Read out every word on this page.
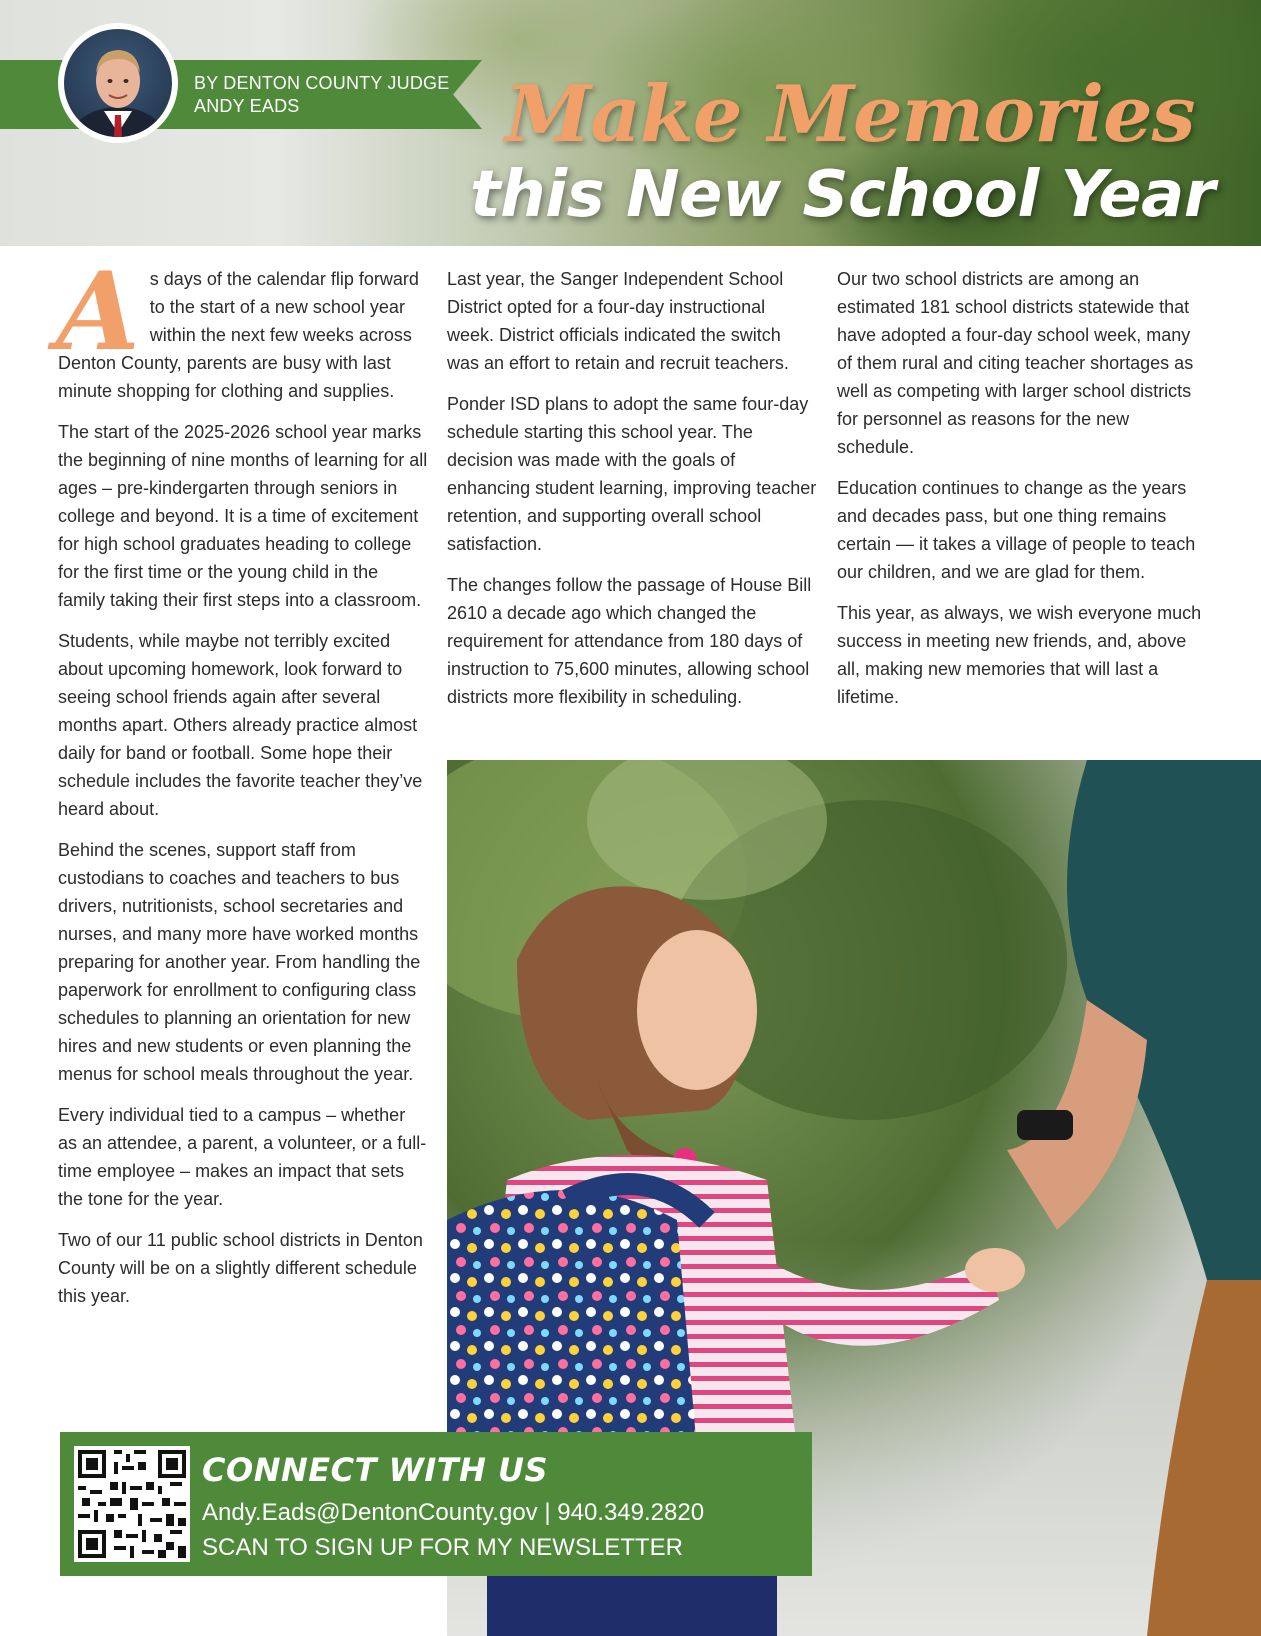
BY DENTON COUNTY JUDGE
ANDY EADS	Make Memories
this New School Year

As days of the calendar flip forward to the start of a new school year within the next few weeks across Denton County, parents are busy with last minute shopping for clothing and supplies.

The start of the 2025-2026 school year marks the beginning of nine months of learning for all ages – pre-kindergarten through seniors in college and beyond. It is a time of excitement for high school graduates heading to college for the first time or the young child in the family taking their first steps into a classroom.

Students, while maybe not terribly excited about upcoming homework, look forward to seeing school friends again after several months apart. Others already practice almost daily for band or football. Some hope their schedule includes the favorite teacher they’ve heard about.

Behind the scenes, support staff from custodians to coaches and teachers to bus drivers, nutritionists, school secretaries and nurses, and many more have worked months preparing for another year. From handling the paperwork for enrollment to configuring class schedules to planning an orientation for new hires and new students or even planning the menus for school meals throughout the year.

Every individual tied to a campus – whether as an attendee, a parent, a volunteer, or a full-time employee – makes an impact that sets the tone for the year.

Two of our 11 public school districts in Denton County will be on a slightly different schedule this year.

Last year, the Sanger Independent School District opted for a four-day instructional week. District officials indicated the switch was an effort to retain and recruit teachers.

Ponder ISD plans to adopt the same four-day schedule starting this school year. The decision was made with the goals of enhancing student learning, improving teacher retention, and supporting overall school satisfaction.

The changes follow the passage of House Bill 2610 a decade ago which changed the requirement for attendance from 180 days of instruction to 75,600 minutes, allowing school districts more flexibility in scheduling.

Our two school districts are among an estimated 181 school districts statewide that have adopted a four-day school week, many of them rural and citing teacher shortages as well as competing with larger school districts for personnel as reasons for the new schedule.

Education continues to change as the years and decades pass, but one thing remains certain — it takes a village of people to teach our children, and we are glad for them.

This year, as always, we wish everyone much success in meeting new friends, and, above all, making new memories that will last a lifetime.

CONNECT WITH US
Andy.Eads@DentonCounty.gov | 940.349.2820
SCAN TO SIGN UP FOR MY NEWSLETTER
